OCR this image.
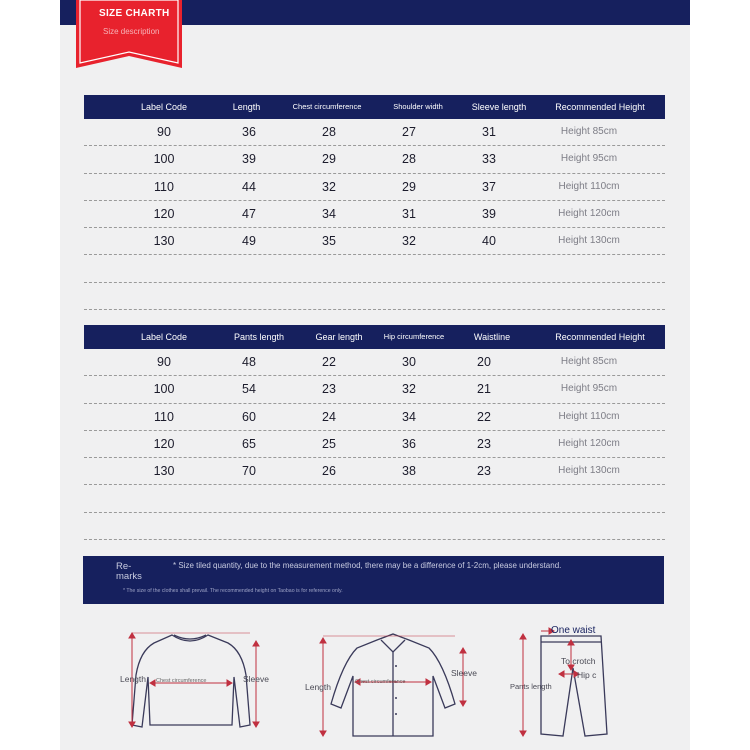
SIZE CHARTH
Size description
Label Code	Length	Chest circumference	Shoulder width	Sleeve length	Recommended Height
90	36	28	27	31	Height 85cm
100	39	29	28	33	Height 95cm
110	44	32	29	37	Height 110cm
120	47	34	31	39	Height 120cm
130	49	35	32	40	Height 130cm
Label Code	Pants length	Gear length	Hip circumference	Waistline	Recommended Height
90	48	22	30	20	Height 85cm
100	54	23	32	21	Height 95cm
110	60	24	34	22	Height 110cm
120	65	25	36	23	Height 120cm
130	70	26	38	23	Height 130cm
Re-
marks
* Size tiled quantity, due to the measurement method, there may be a difference of 1-2cm, please understand.
* The size of the clothes shall prevail. The recommended height on Taobao is for reference only.
Length Chest circumference	Sleeve
Length	Chest circumference
Sleeve
One waist
To crotch
Hip c
Pants length
